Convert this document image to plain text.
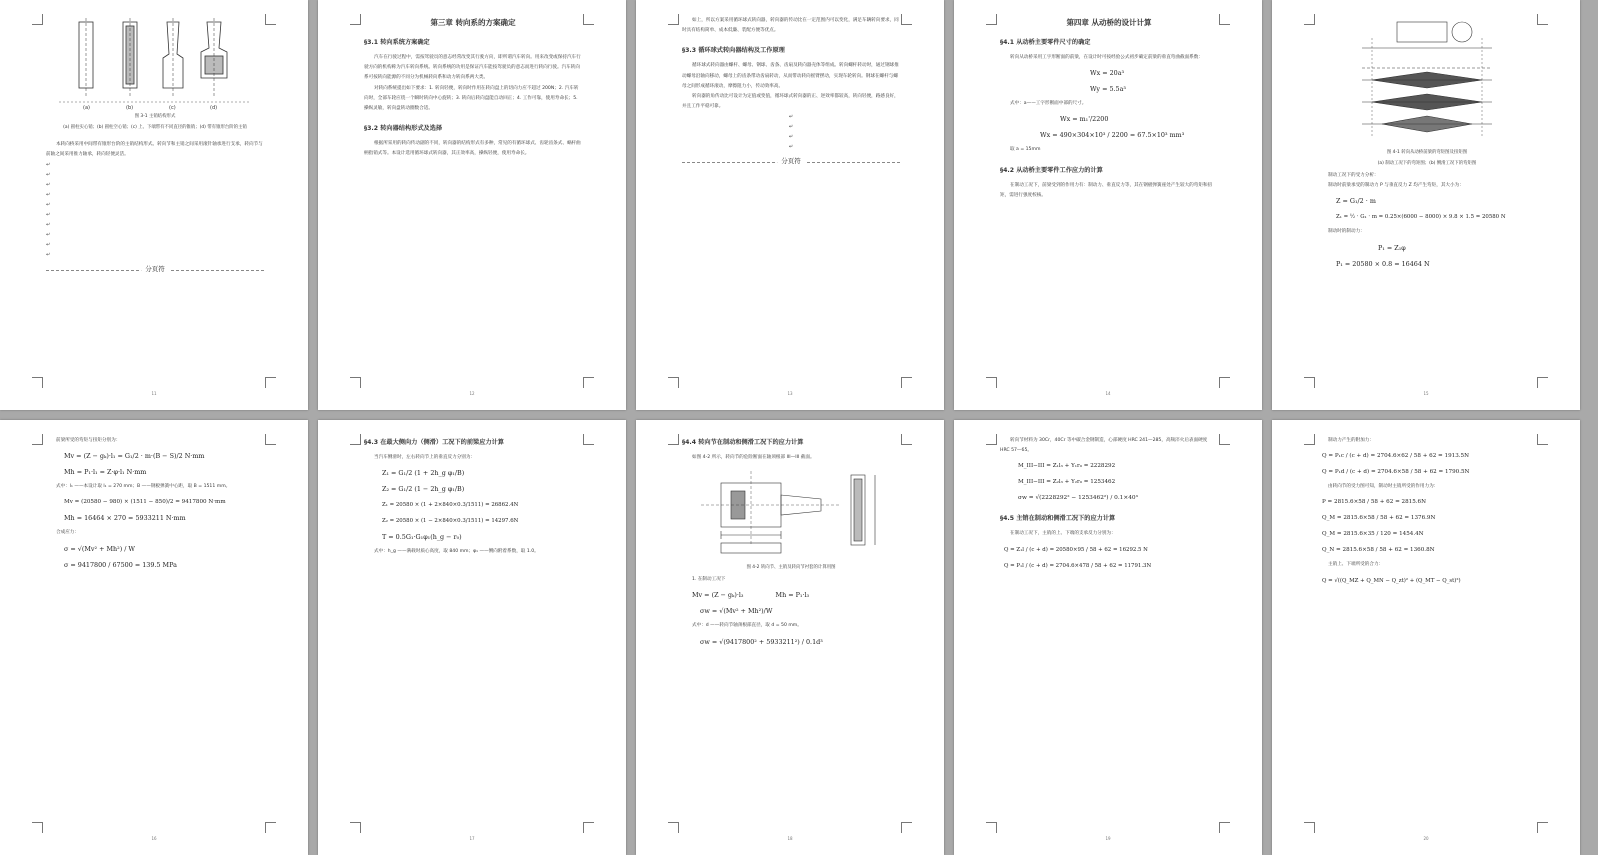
(a)	(b)	(c)	(d)
图 3-1 主销结构形式
(a) 圆柱实心销；(b) 圆柱空心销；(c) 上、下端带有不同直径的锥销；(d) 带有锥形台阶的主销

本转向桥采用中间带有锥形台阶的主销结构形式。转向节和主销之间采用滚针轴承进行支承，转向节与前轴之间采用推力轴承，转向轻便灵活。

↵
↵
↵
↵
↵
↵
↵
↵
↵
↵
分页符
11
第三章 转向系的方案确定
§3.1 转向系统方案确定

汽车在行驶过程中，需按驾驶员的意志经常改变其行驶方向，即所谓汽车转向。用来改变或保持汽车行驶方向的机构称为汽车转向系统。转向系统的功用是保证汽车能按驾驶员的意志而进行转向行驶。汽车转向系可按转向能源的不同分为机械转向系和动力转向系两大类。

对转向系统提出如下要求：1. 转向轻便，转向时作用在转向盘上的切向力应不超过 200N；2. 汽车转向时，全部车轮应绕一个瞬时转向中心旋转；3. 转向后转向盘能自动回正；4. 工作可靠，使用寿命长；5. 操纵灵敏，转向盘转动圈数合适。

§3.2 转向器结构形式及选择

根据所采用的转向传动副的不同，转向器的结构形式有多种，常见的有循环球式、齿轮齿条式、蜗杆曲柄指销式等。本设计选用循环球式转向器，其正效率高，操纵轻便，使用寿命长。

12

如上，所以方案采用循环球式转向器，转向器的传动比在一定范围内可以变化，满足车辆转向要求，同时具有结构简单、成本低廉、装配方便等优点。

§3.3 循环球式转向器结构及工作原理

循环球式转向器由螺杆、螺母、钢球、齿条、齿扇及转向器壳体等组成。转向螺杆转动时，通过钢球推动螺母沿轴向移动，螺母上的齿条带动齿扇转动，从而带动转向摇臂摆动，实现车轮转向。钢球在螺杆与螺母之间形成循环滚动，摩擦阻力小，传动效率高。

转向器的角传动比可设计为定值或变值，循环球式转向器的正、逆效率都较高，转向轻便，路感良好，并且工作平稳可靠。

↵
↵
↵
↵
分页符
13
第四章 从动桥的设计计算
§4.1 从动桥主要零件尺寸的确定

转向从动桥采用工字形断面的前梁，在设计时可按经验公式初步确定前梁的垂直弯曲截面系数：

Wx = 20a³
Wy = 5.5a³

式中：a——工字形断面中部的尺寸。

Wx = m₁'/2200
Wx = 490×304×10³ / 2200 = 67.5×10³ mm³

取 a = 15mm

§4.2 从动桥主要零件工作应力的计算

在制动工况下，前梁受到的作用力有：制动力、垂直反力等，其在钢板弹簧座处产生较大的弯矩和扭矩，需进行强度校核。

14
图 4-1 转向从动桥前梁的弯矩图及扭矩图
(a) 制动工况下的弯矩图；(b) 侧滑工况下的弯矩图

制动工况下的受力分析：

制动时前梁承受的制动力 P 与垂直反力 Z 均产生弯矩，其大小为：

Z = G₁/2 · m
Z₁ = ½ · G₁ · m = 0.25×(6000 − 8000) × 9.8 × 1.5 = 20580 N

制动时的制动力：

P₁ = Z₁φ
P₁ = 20580 × 0.8 = 16464 N
15

前梁所受的弯矩与扭矩分别为：

Mv = (Z − gₖ)·l₁ = G₁/2 · m·(B − S)/2 N·mm
Mh = P₁·l₁ = Z·φ·l₁ N·mm

式中：l₁ ——本设计取 l₁ = 270 mm；B ——钢板弹簧中心距，取 B = 1511 mm。

Mv = (20580 − 980) × (1511 − 850)/2 = 9417800 N·mm
Mh = 16464 × 270 = 5933211 N·mm

合成应力：

σ = √(Mv² + Mh²) / W
σ = 9417800 / 67500 = 139.5 MPa
16
§4.3 在最大侧向力（侧滑）工况下的前梁应力计算

当汽车侧滑时，左右转向节上的垂直反力分别为：

Z₁ = G₁/2 (1 + 2h_g φ₁/B)
Z₂ = G₁/2 (1 − 2h_g φ₁/B)
Z₁ = 20580 × (1 + 2×840×0.3/1511) = 26862.4N
Z₂ = 20580 × (1 − 2×840×0.3/1511) = 14297.6N
T = 0.5G₁·G₁φ₁(h_g − r₀)

式中：h_g ——满载时质心高度，取 840 mm；φ₁ ——侧向附着系数，取 1.0。

17
§4.4 转向节在制动和侧滑工况下的应力计算

如图 4-2 所示，转向节的危险断面在轴颈根部 III—III 截面。

图 4-2 转向节、主销及转向节衬套的计算用图

1. 在制动工况下

Mv = (Z − gₖ)·l₃	Mh = P₁·l₃
σw = √(Mv² + Mh²)/W

式中：d ——转向节轴颈根部直径，取 d = 50 mm。

σw = √(9417800² + 5933211²) / 0.1d³
18

转向节材料为 30Cr，40Cr 等中碳合金钢制造，心部硬度 HRC 241—285，高频淬火后表面硬度 HRC 57—65。

M_III−III = Z₁l₃ + Y₁r₀ = 2228292
M_III−III = Z₂l₃ + Y₂r₀ = 1253462
σw = √(2228292² − 1253462²) / 0.1×40³
§4.5 主销在制动和侧滑工况下的应力计算

在制动工况下，主销的上、下端的支承反力分别为：

Q = Z₁l / (c + d) = 20580×95 / 58 + 62 = 16292.5 N
Q = P₁l / (c + d) = 2704.6×478 / 58 + 62 = 11791.3N
19

制动力产生的附加力：

Q = P₁c / (c + d) = 2704.6×62 / 58 + 62 = 1913.5N
Q = P₁d / (c + d) = 2704.6×58 / 58 + 62 = 1790.5N

由转向节的受力图可知，制动时主销所受的作用力为：

P = 2815.6×58 / 58 + 62 = 2815.6N
Q_M = 2815.6×58 / 58 + 62 = 1376.9N
Q_M = 2815.6×35 / 120 = 1454.4N
Q_N = 2815.6×58 / 58 + 62 = 1360.8N

主销上、下端所受的合力：

Q = √((Q_MZ + Q_MN − Q_zt)² + (Q_MT − Q_st)²)
20
